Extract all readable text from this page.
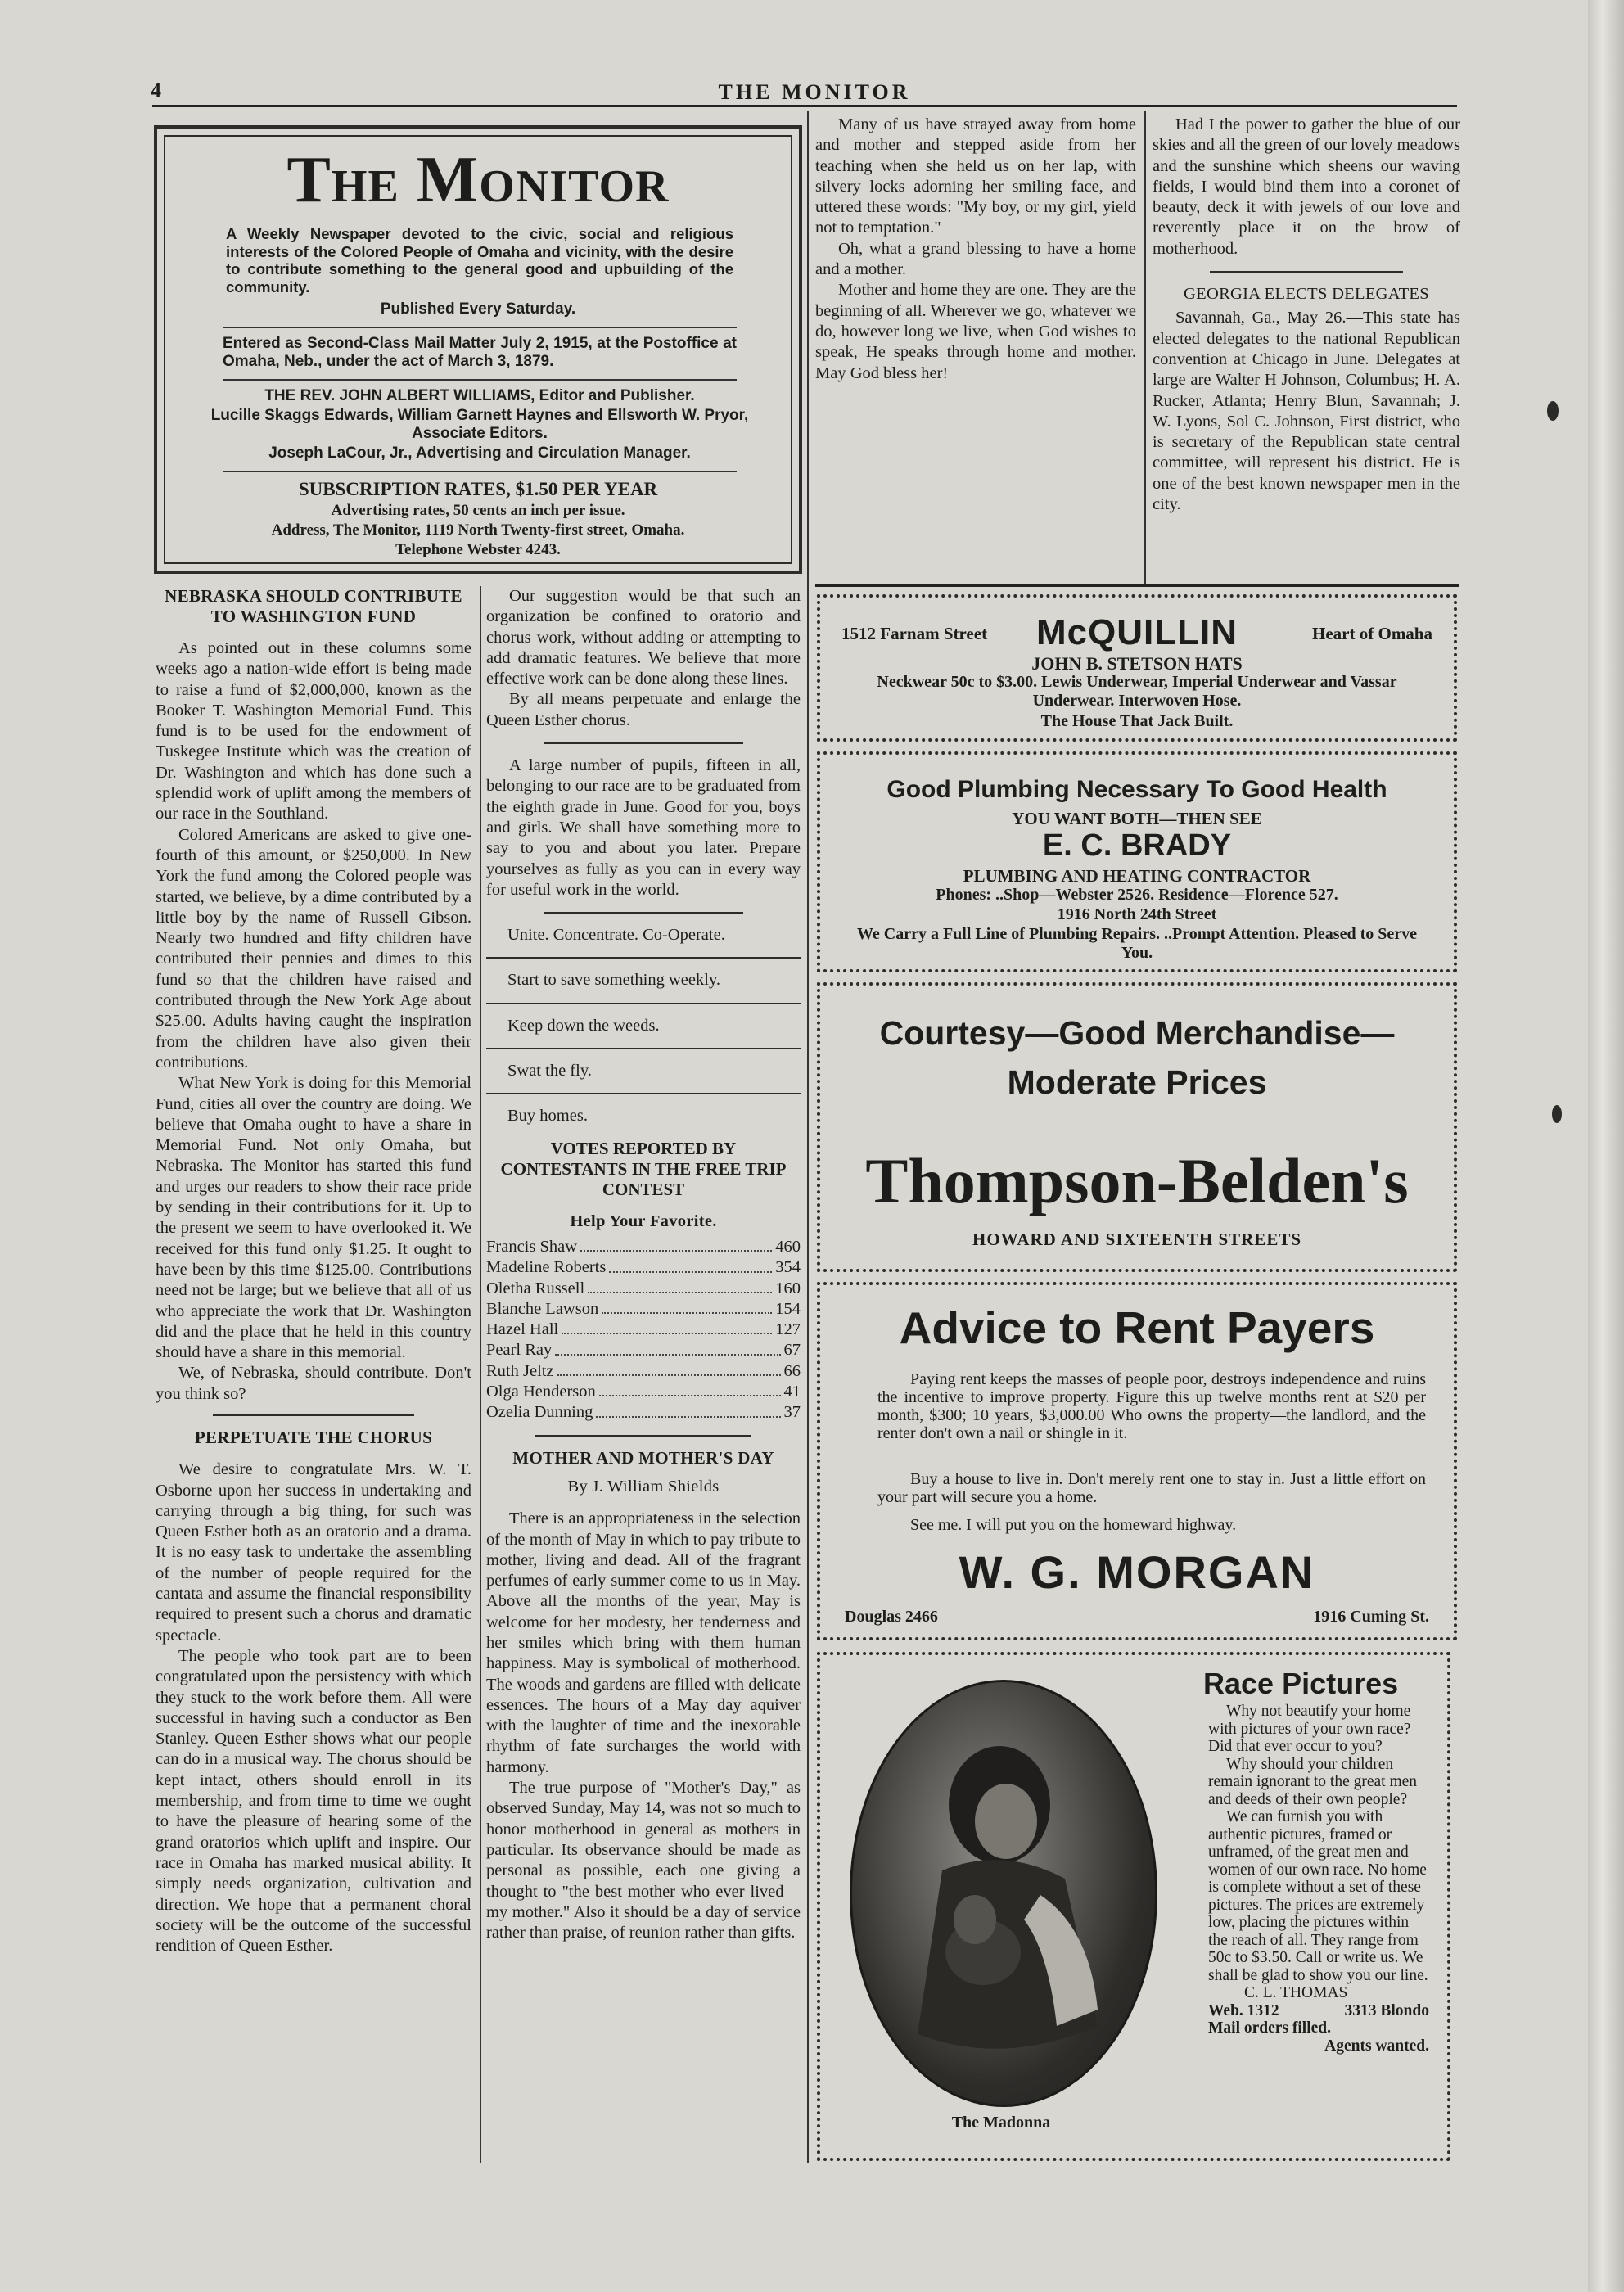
4	THE MONITOR
The Monitor
A Weekly Newspaper devoted to the civic, social and religious interests of the Colored People of Omaha and vicinity, with the desire to contribute something to the general good and upbuilding of the community.
Published Every Saturday.
Entered as Second-Class Mail Matter July 2, 1915, at the Postoffice at Omaha, Neb., under the act of March 3, 1879.
THE REV. JOHN ALBERT WILLIAMS, Editor and Publisher.
Lucille Skaggs Edwards, William Garnett Haynes and Ellsworth W. Pryor, Associate Editors.
Joseph LaCour, Jr., Advertising and Circulation Manager.
SUBSCRIPTION RATES, $1.50 PER YEAR
Advertising rates, 50 cents an inch per issue.
Address, The Monitor, 1119 North Twenty-first street, Omaha.
Telephone Webster 4243.

NEBRASKA SHOULD CONTRIBUTE TO WASHINGTON FUND

As pointed out in these columns some weeks ago a nation-wide effort is being made to raise a fund of $2,000,000, known as the Booker T. Washington Memorial Fund. This fund is to be used for the endowment of Tuskegee Institute which was the creation of Dr. Washington and which has done such a splendid work of uplift among the members of our race in the Southland.

Colored Americans are asked to give one-fourth of this amount, or $250,000. In New York the fund among the Colored people was started, we believe, by a dime contributed by a little boy by the name of Russell Gibson. Nearly two hundred and fifty children have contributed their pennies and dimes to this fund so that the children have raised and contributed through the New York Age about $25.00. Adults having caught the inspiration from the children have also given their contributions.

What New York is doing for this Memorial Fund, cities all over the country are doing. We believe that Omaha ought to have a share in Memorial Fund. Not only Omaha, but Nebraska. The Monitor has started this fund and urges our readers to show their race pride by sending in their contributions for it. Up to the present we seem to have overlooked it. We received for this fund only $1.25. It ought to have been by this time $125.00. Contributions need not be large; but we believe that all of us who appreciate the work that Dr. Washington did and the place that he held in this country should have a share in this memorial.

We, of Nebraska, should contribute. Don't you think so?

PERPETUATE THE CHORUS

We desire to congratulate Mrs. W. T. Osborne upon her success in undertaking and carrying through a big thing, for such was Queen Esther both as an oratorio and a drama. It is no easy task to undertake the assembling of the number of people required for the cantata and assume the financial responsibility required to present such a chorus and dramatic spectacle.

The people who took part are to been congratulated upon the persistency with which they stuck to the work before them. All were successful in having such a conductor as Ben Stanley. Queen Esther shows what our people can do in a musical way. The chorus should be kept intact, others should enroll in its membership, and from time to time we ought to have the pleasure of hearing some of the grand oratorios which uplift and inspire. Our race in Omaha has marked musical ability. It simply needs organization, cultivation and direction. We hope that a permanent choral society will be the outcome of the successful rendition of Queen Esther.

Our suggestion would be that such an organization be confined to oratorio and chorus work, without adding or attempting to add dramatic features. We believe that more effective work can be done along these lines.

By all means perpetuate and enlarge the Queen Esther chorus.

A large number of pupils, fifteen in all, belonging to our race are to be graduated from the eighth grade in June. Good for you, boys and girls. We shall have something more to say to you and about you later. Prepare yourselves as fully as you can in every way for useful work in the world.

Unite. Concentrate. Co-Operate.

Start to save something weekly.

Keep down the weeds.

Swat the fly.

Buy homes.

VOTES REPORTED BY CONTESTANTS IN THE FREE TRIP CONTEST

Help Your Favorite.

Francis Shaw	460
Madeline Roberts	354
Oletha Russell	160
Blanche Lawson	154
Hazel Hall	127
Pearl Ray	67
Ruth Jeltz	66
Olga Henderson	41
Ozelia Dunning	37

MOTHER AND MOTHER'S DAY

By J. William Shields

There is an appropriateness in the selection of the month of May in which to pay tribute to mother, living and dead. All of the fragrant perfumes of early summer come to us in May. Above all the months of the year, May is welcome for her modesty, her tenderness and her smiles which bring with them human happiness. May is symbolical of motherhood. The woods and gardens are filled with delicate essences. The hours of a May day aquiver with the laughter of time and the inexorable rhythm of fate surcharges the world with harmony.

The true purpose of "Mother's Day," as observed Sunday, May 14, was not so much to honor motherhood in general as mothers in particular. Its observance should be made as personal as possible, each one giving a thought to "the best mother who ever lived—my mother." Also it should be a day of service rather than praise, of reunion rather than gifts.

Many of us have strayed away from home and mother and stepped aside from her teaching when she held us on her lap, with silvery locks adorning her smiling face, and uttered these words: "My boy, or my girl, yield not to temptation."

Oh, what a grand blessing to have a home and a mother.

Mother and home they are one. They are the beginning of all. Wherever we go, whatever we do, however long we live, when God wishes to speak, He speaks through home and mother. May God bless her!

Had I the power to gather the blue of our skies and all the green of our lovely meadows and the sunshine which sheens our waving fields, I would bind them into a coronet of beauty, deck it with jewels of our love and reverently place it on the brow of motherhood.

GEORGIA ELECTS DELEGATES

Savannah, Ga., May 26.—This state has elected delegates to the national Republican convention at Chicago in June. Delegates at large are Walter H Johnson, Columbus; H. A. Rucker, Atlanta; Henry Blun, Savannah; J. W. Lyons, Sol C. Johnson, First district, who is secretary of the Republican state central committee, will represent his district. He is one of the best known newspaper men in the city.

1512 Farnam Street	McQUILLIN	Heart of Omaha
JOHN B. STETSON HATS
Neckwear 50c to $3.00. Lewis Underwear, Imperial Underwear and Vassar Underwear. Interwoven Hose.
The House That Jack Built.
Good Plumbing Necessary To Good Health
YOU WANT BOTH—THEN SEE
E. C. BRADY
PLUMBING AND HEATING CONTRACTOR
Phones: ..Shop—Webster 2526. Residence—Florence 527.
1916 North 24th Street
We Carry a Full Line of Plumbing Repairs. ..Prompt Attention. Pleased to Serve You.
Courtesy—Good Merchandise— Moderate Prices
Thompson-Belden's
HOWARD AND SIXTEENTH STREETS
Advice to Rent Payers
Paying rent keeps the masses of people poor, destroys independence and ruins the incentive to improve property. Figure this up twelve months rent at $20 per month, $300; 10 years, $3,000.00 Who owns the property—the landlord, and the renter don't own a nail or shingle in it.
Buy a house to live in. Don't merely rent one to stay in. Just a little effort on your part will secure you a home.
See me. I will put you on the homeward highway.
W. G. MORGAN
Douglas 2466	1916 Cuming St.
The Madonna
Race Pictures
Why not beautify your home with pictures of your own race? Did that ever occur to you?
Why should your children remain ignorant to the great men and deeds of their own people?
We can furnish you with authentic pictures, framed or unframed, of the great men and women of our own race. No home is complete without a set of these pictures. The prices are extremely low, placing the pictures within the reach of all. They range from 50c to $3.50. Call or write us. We shall be glad to show you our line.
C. L. THOMAS
Web. 1312	3313 Blondo
Mail orders filled.
Agents wanted.
